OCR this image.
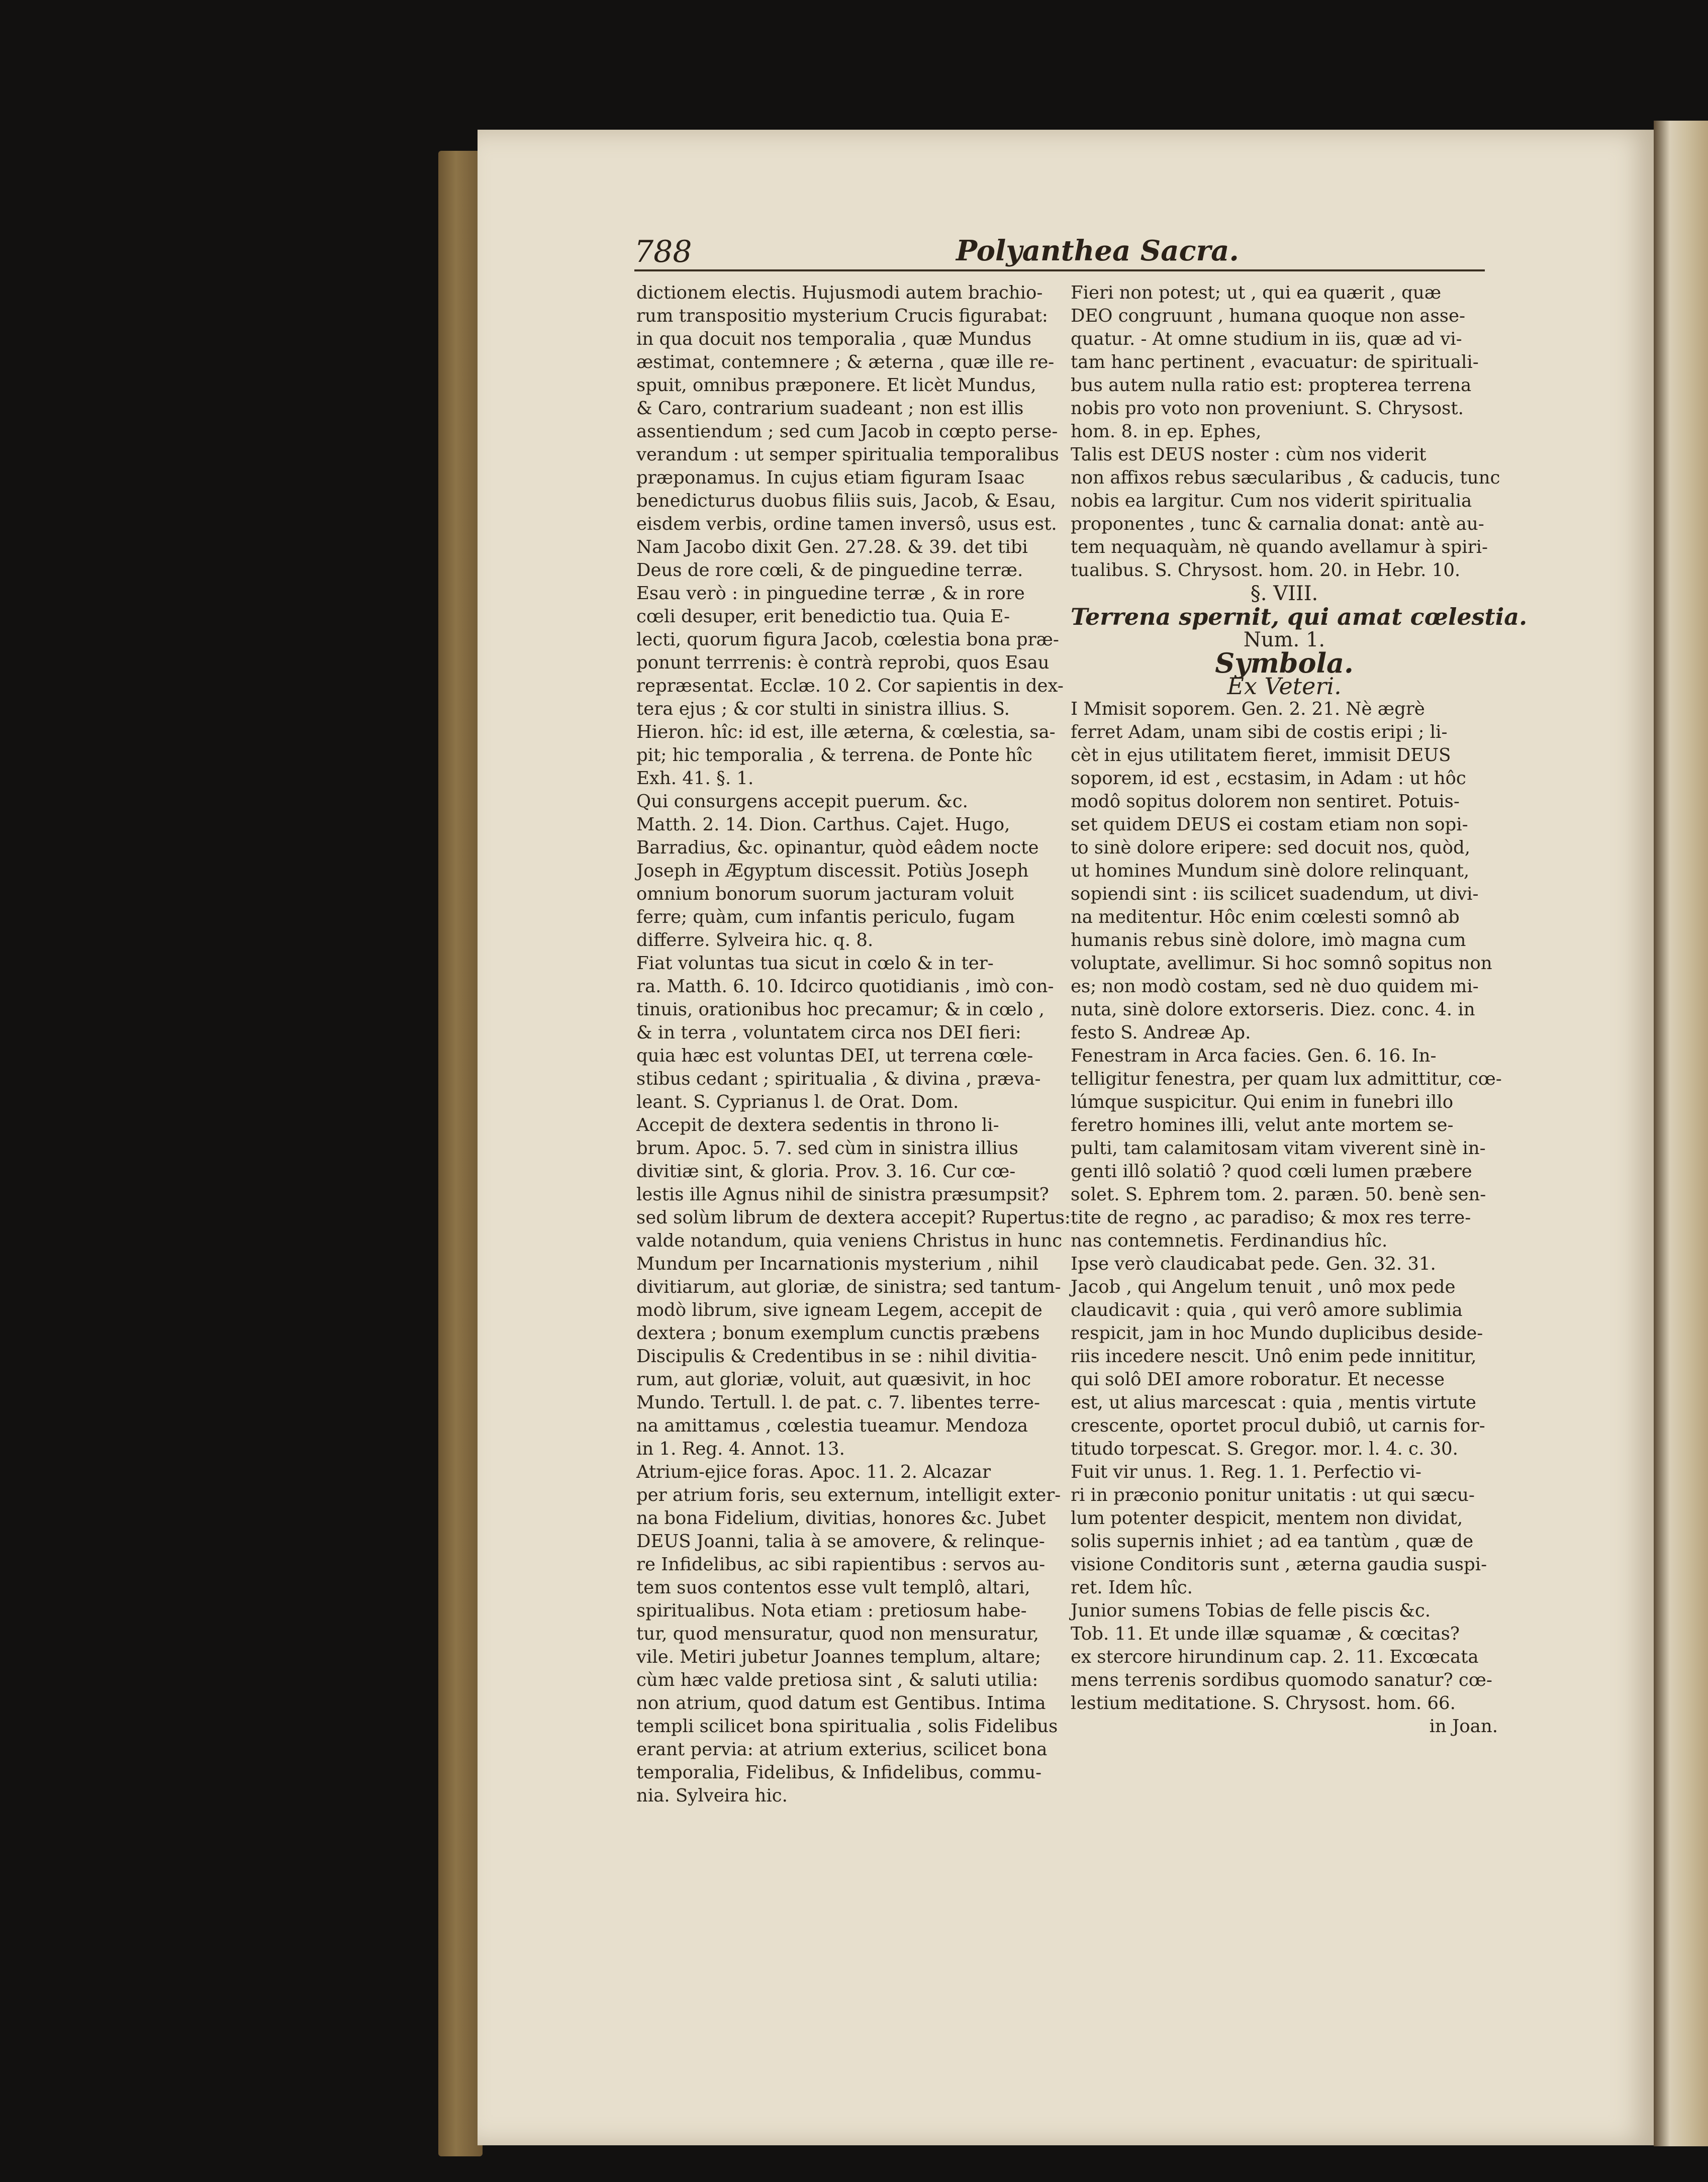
788	Polyanthea Sacra.

dictionem electis. Hujusmodi autem brachio-

rum transpositio mysterium Crucis figurabat:

in qua docuit nos temporalia , quæ Mundus

æstimat, contemnere ; & æterna , quæ ille re-

spuit, omnibus præponere. Et licèt Mundus,

& Caro, contrarium suadeant ; non est illis

assentiendum ; sed cum Jacob in cœpto perse-

verandum : ut semper spiritualia temporalibus

præponamus. In cujus etiam figuram Isaac

benedicturus duobus filiis suis, Jacob, & Esau,

eisdem verbis, ordine tamen inversô, usus est.

Nam Jacobo dixit Gen. 27.28. & 39. det tibi

Deus de rore cœli, & de pinguedine terræ.

Esau verò : in pinguedine terræ , & in rore

cœli desuper, erit benedictio tua. Quia E-

lecti, quorum figura Jacob, cœlestia bona præ-

ponunt terrrenis: è contrà reprobi, quos Esau

repræsentat. Ecclæ. 10 2. Cor sapientis in dex-

tera ejus ; & cor stulti in sinistra illius. S.

Hieron. hîc: id est, ille æterna, & cœlestia, sa-

pit; hic temporalia , & terrena. de Ponte hîc

Exh. 41. §. 1.

Qui consurgens accepit puerum. &c.

Matth. 2. 14. Dion. Carthus. Cajet. Hugo,

Barradius, &c. opinantur, quòd eâdem nocte

Joseph in Ægyptum discessit. Potiùs Joseph

omnium bonorum suorum jacturam voluit

ferre; quàm, cum infantis periculo, fugam

differre. Sylveira hic. q. 8.

Fiat voluntas tua sicut in cœlo & in ter-

ra. Matth. 6. 10. Idcirco quotidianis , imò con-

tinuis, orationibus hoc precamur; & in cœlo ,

& in terra , voluntatem circa nos DEI fieri:

quia hæc est voluntas DEI, ut terrena cœle-

stibus cedant ; spiritualia , & divina , præva-

leant. S. Cyprianus l. de Orat. Dom.

Accepit de dextera sedentis in throno li-

brum. Apoc. 5. 7. sed cùm in sinistra illius

divitiæ sint, & gloria. Prov. 3. 16. Cur cœ-

lestis ille Agnus nihil de sinistra præsumpsit?

sed solùm librum de dextera accepit? Rupertus:

valde notandum, quia veniens Christus in hunc

Mundum per Incarnationis mysterium , nihil

divitiarum, aut gloriæ, de sinistra; sed tantum-

modò librum, sive igneam Legem, accepit de

dextera ; bonum exemplum cunctis præbens

Discipulis & Credentibus in se : nihil divitia-

rum, aut gloriæ, voluit, aut quæsivit, in hoc

Mundo. Tertull. l. de pat. c. 7. libentes terre-

na amittamus , cœlestia tueamur. Mendoza

in 1. Reg. 4. Annot. 13.

Atrium-ejice foras. Apoc. 11. 2. Alcazar

per atrium foris, seu externum, intelligit exter-

na bona Fidelium, divitias, honores &c. Jubet

DEUS Joanni, talia à se amovere, & relinque-

re Infidelibus, ac sibi rapientibus : servos au-

tem suos contentos esse vult templô, altari,

spiritualibus. Nota etiam : pretiosum habe-

tur, quod mensuratur, quod non mensuratur,

vile. Metiri jubetur Joannes templum, altare;

cùm hæc valde pretiosa sint , & saluti utilia:

non atrium, quod datum est Gentibus. Intima

templi scilicet bona spiritualia , solis Fidelibus

erant pervia: at atrium exterius, scilicet bona

temporalia, Fidelibus, & Infidelibus, commu-

nia. Sylveira hic.

Fieri non potest; ut , qui ea quærit , quæ

DEO congruunt , humana quoque non asse-

quatur. - At omne studium in iis, quæ ad vi-

tam hanc pertinent , evacuatur: de spirituali-

bus autem nulla ratio est: propterea terrena

nobis pro voto non proveniunt. S. Chrysost.

hom. 8. in ep. Ephes,

Talis est DEUS noster : cùm nos viderit

non affixos rebus sæcularibus , & caducis, tunc

nobis ea largitur. Cum nos viderit spiritualia

proponentes , tunc & carnalia donat: antè au-

tem nequaquàm, nè quando avellamur à spiri-

tualibus. S. Chrysost. hom. 20. in Hebr. 10.

§. VIII.

Terrena spernit, qui amat cœlestia.

Num. 1.

Symbola.

Ex Veteri.

I Mmisit soporem. Gen. 2. 21. Nè ægrè

ferret Adam, unam sibi de costis eripi ; li-

cèt in ejus utilitatem fieret, immisit DEUS

soporem, id est , ecstasim, in Adam : ut hôc

modô sopitus dolorem non sentiret. Potuis-

set quidem DEUS ei costam etiam non sopi-

to sinè dolore eripere: sed docuit nos, quòd,

ut homines Mundum sinè dolore relinquant,

sopiendi sint : iis scilicet suadendum, ut divi-

na meditentur. Hôc enim cœlesti somnô ab

humanis rebus sinè dolore, imò magna cum

voluptate, avellimur. Si hoc somnô sopitus non

es; non modò costam, sed nè duo quidem mi-

nuta, sinè dolore extorseris. Diez. conc. 4. in

festo S. Andreæ Ap.

Fenestram in Arca facies. Gen. 6. 16. In-

telligitur fenestra, per quam lux admittitur, cœ-

lúmque suspicitur. Qui enim in funebri illo

feretro homines illi, velut ante mortem se-

pulti, tam calamitosam vitam viverent sinè in-

genti illô solatiô ? quod cœli lumen præbere

solet. S. Ephrem tom. 2. paræn. 50. benè sen-

tite de regno , ac paradiso; & mox res terre-

nas contemnetis. Ferdinandius hîc.

Ipse verò claudicabat pede. Gen. 32. 31.

Jacob , qui Angelum tenuit , unô mox pede

claudicavit : quia , qui verô amore sublimia

respicit, jam in hoc Mundo duplicibus deside-

riis incedere nescit. Unô enim pede innititur,

qui solô DEI amore roboratur. Et necesse

est, ut alius marcescat : quia , mentis virtute

crescente, oportet procul dubiô, ut carnis for-

titudo torpescat. S. Gregor. mor. l. 4. c. 30.

Fuit vir unus. 1. Reg. 1. 1. Perfectio vi-

ri in præconio ponitur unitatis : ut qui sæcu-

lum potenter despicit, mentem non dividat,

solis supernis inhiet ; ad ea tantùm , quæ de

visione Conditoris sunt , æterna gaudia suspi-

ret. Idem hîc.

Junior sumens Tobias de felle piscis &c.

Tob. 11. Et unde illæ squamæ , & cœcitas?

ex stercore hirundinum cap. 2. 11. Excœcata

mens terrenis sordibus quomodo sanatur? cœ-

lestium meditatione. S. Chrysost. hom. 66.

in Joan.
